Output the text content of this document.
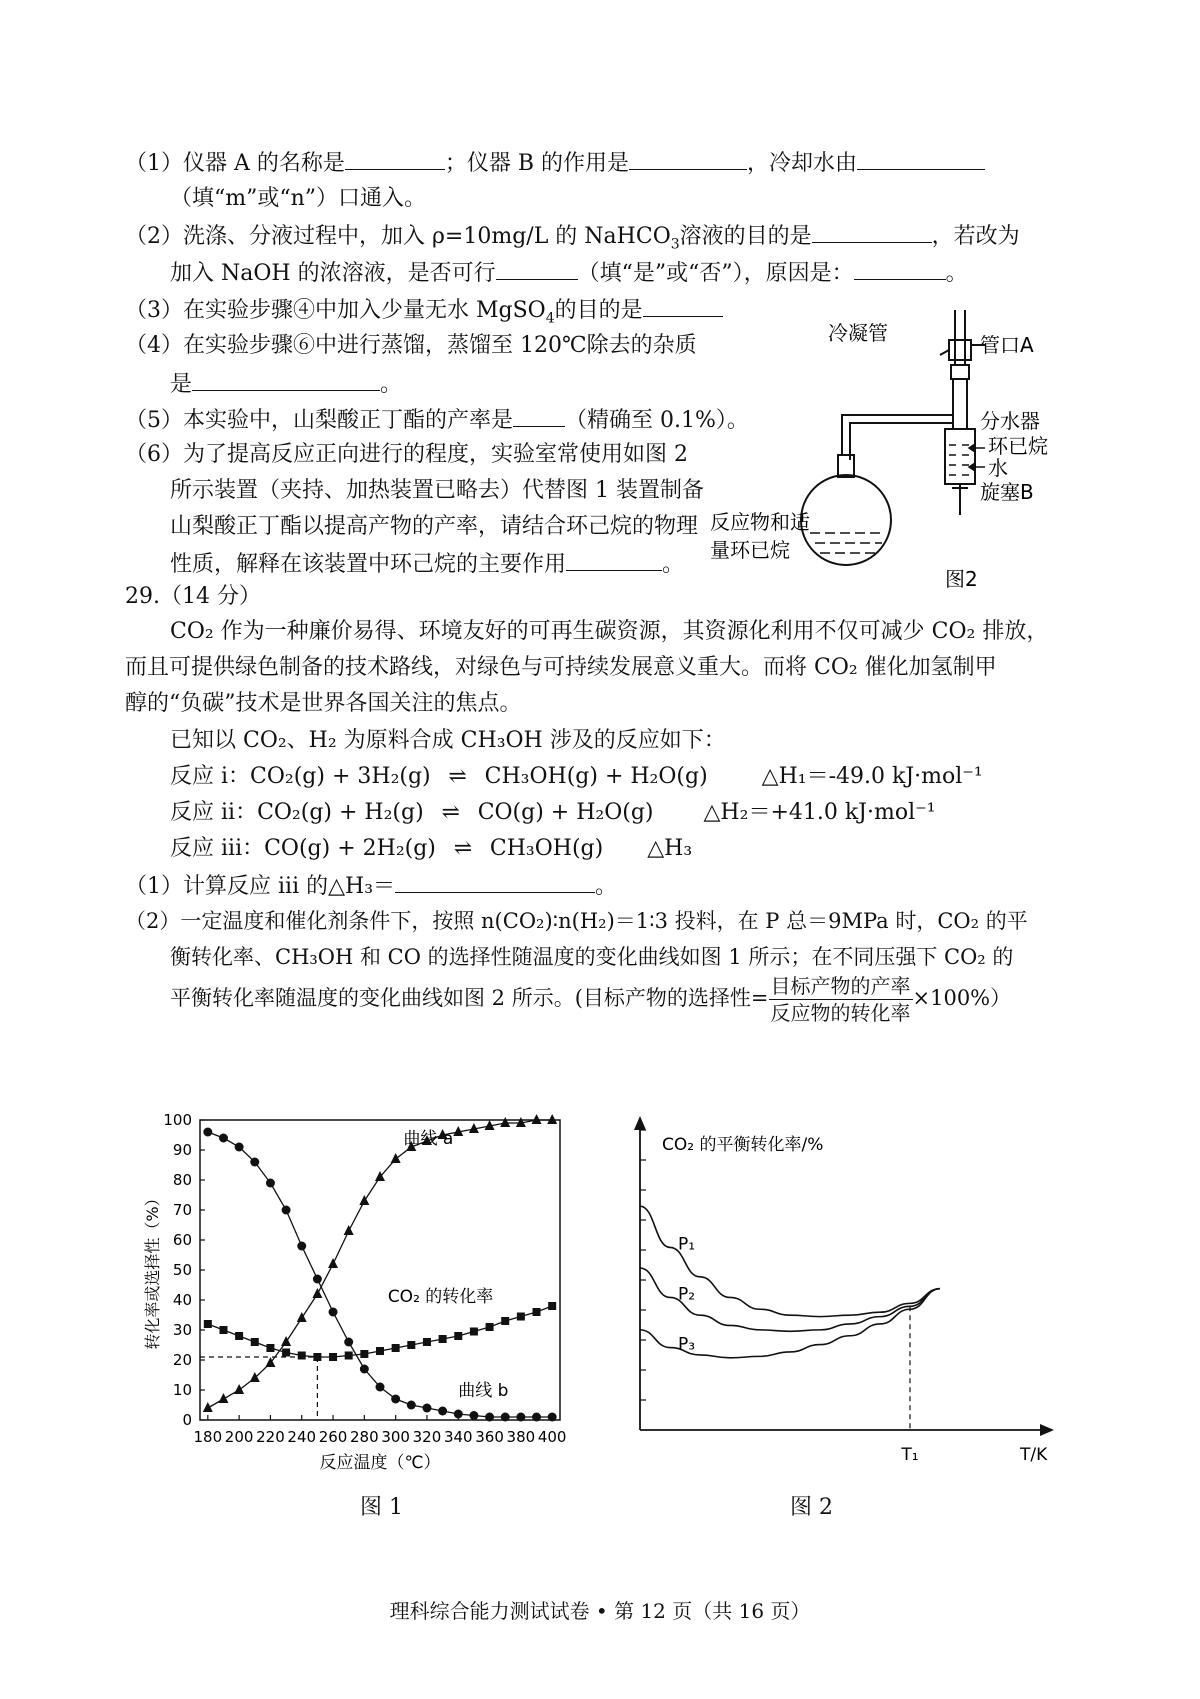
（1）仪器 A 的名称是	；仪器 B 的作用是	，冷却水由
（填“m”或“n”）口通入。
（2）洗涤、分液过程中，加入 ρ=10mg/L 的 NaHCO$_3$溶液的目的是	，若改为
加入 NaOH 的浓溶液，是否可行	（填“是”或“否”），原因是：	。
（3）在实验步骤④中加入少量无水 MgSO$_4$的目的是
（4）在实验步骤⑥中进行蒸馏，蒸馏至 120℃除去的杂质
是	。
（5）本实验中，山梨酸正丁酯的产率是 （精确至 0.1%）。
（6）为了提高反应正向进行的程度，实验室常使用如图 2
所示装置（夹持、加热装置已略去）代替图 1 装置制备
山梨酸正丁酯以提高产物的产率，请结合环己烷的物理
性质，解释在该装置中环己烷的主要作用	。
冷凝管	管口A
分水器
环已烷
水
旋塞B
反应物和适
量环已烷
图2
29.（14 分）
CO₂ 作为一种廉价易得、环境友好的可再生碳资源，其资源化利用不仅可减少 CO₂ 排放，
而且可提供绿色制备的技术路线，对绿色与可持续发展意义重大。而将 CO₂ 催化加氢制甲
醇的“负碳”技术是世界各国关注的焦点。
已知以 CO₂、H₂ 为原料合成 CH₃OH 涉及的反应如下：
反应 i：CO₂(g) + 3H₂(g) ⇌ CH₃OH(g) + H₂O(g) △H₁＝-49.0 kJ·mol⁻¹
反应 ii：CO₂(g) + H₂(g) ⇌ CO(g) + H₂O(g) △H₂＝+41.0 kJ·mol⁻¹
反应 iii：CO(g) + 2H₂(g) ⇌ CH₃OH(g) △H₃
（1）计算反应 iii 的△H₃＝	。
（2）一定温度和催化剂条件下，按照 n(CO₂)∶n(H₂)＝1∶3 投料，在 P 总＝9MPa 时，CO₂ 的平
衡转化率、CH₃OH 和 CO 的选择性随温度的变化曲线如图 1 所示；在不同压强下 CO₂ 的
平衡转化率随温度的变化曲线如图 2 所示。(目标产物的选择性= $\frac{\text{目标产物的产率}}{\text{反应物的转化率}} \times 100\%$）
180 200 220 240 260 280 300 320 340 360 380 400
0
10
20
30
40
50
60
70
80
90
100
曲线 a
CO₂ 的转化率
曲线 b
反应温度（℃）
转化率或选择性（%）
图 1
P₁
P₂
P₃
CO₂ 的平衡转化率/%
T/K
T₁
图 2
理科综合能力测试试卷 • 第 12 页（共 16 页）
